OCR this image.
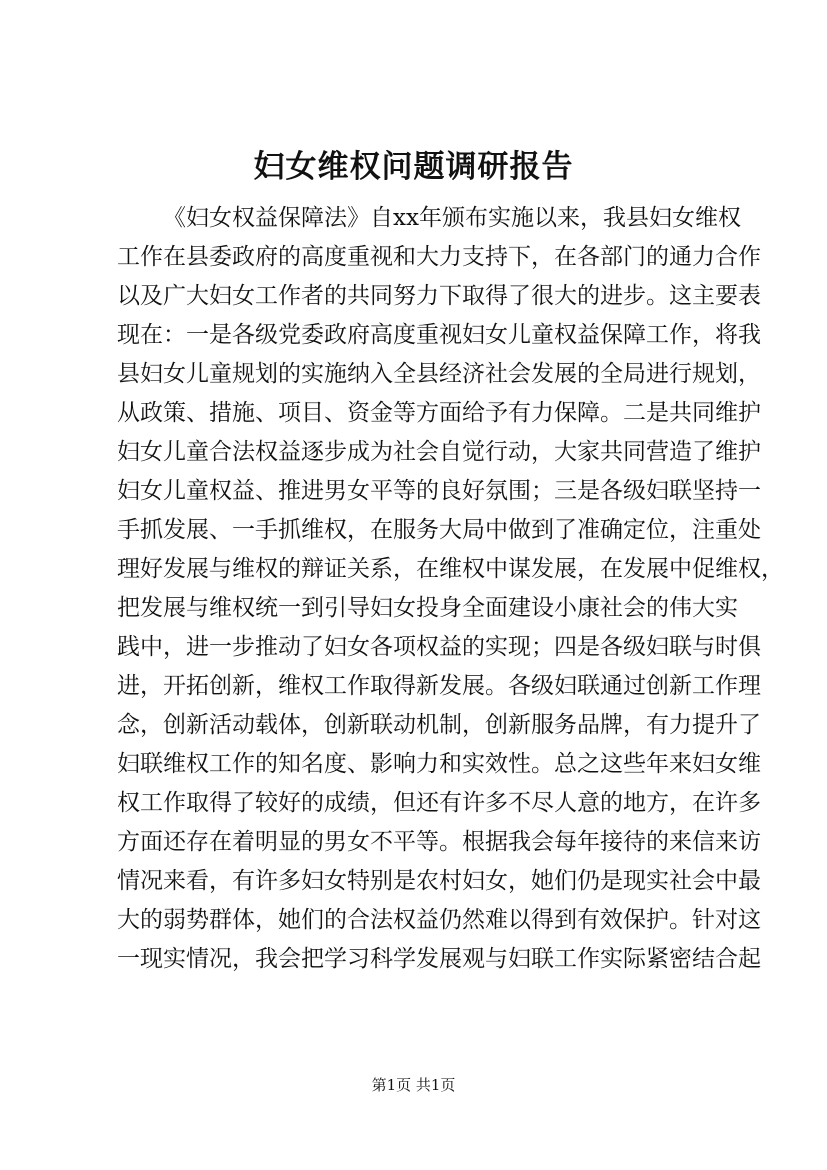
妇女维权问题调研报告
《妇女权益保障法》自xx年颁布实施以来，我县妇女维权
工作在县委政府的高度重视和大力支持下，在各部门的通力合作
以及广大妇女工作者的共同努力下取得了很大的进步。这主要表
现在：一是各级党委政府高度重视妇女儿童权益保障工作，将我
县妇女儿童规划的实施纳入全县经济社会发展的全局进行规划，
从政策、措施、项目、资金等方面给予有力保障。二是共同维护
妇女儿童合法权益逐步成为社会自觉行动，大家共同营造了维护
妇女儿童权益、推进男女平等的良好氛围；三是各级妇联坚持一
手抓发展、一手抓维权，在服务大局中做到了准确定位，注重处
理好发展与维权的辩证关系，在维权中谋发展，在发展中促维权，
把发展与维权统一到引导妇女投身全面建设小康社会的伟大实
践中，进一步推动了妇女各项权益的实现；四是各级妇联与时俱
进，开拓创新，维权工作取得新发展。各级妇联通过创新工作理
念，创新活动载体，创新联动机制，创新服务品牌，有力提升了
妇联维权工作的知名度、影响力和实效性。总之这些年来妇女维
权工作取得了较好的成绩，但还有许多不尽人意的地方，在许多
方面还存在着明显的男女不平等。根据我会每年接待的来信来访
情况来看，有许多妇女特别是农村妇女，她们仍是现实社会中最
大的弱势群体，她们的合法权益仍然难以得到有效保护。针对这
一现实情况，我会把学习科学发展观与妇联工作实际紧密结合起
第1页 共1页
